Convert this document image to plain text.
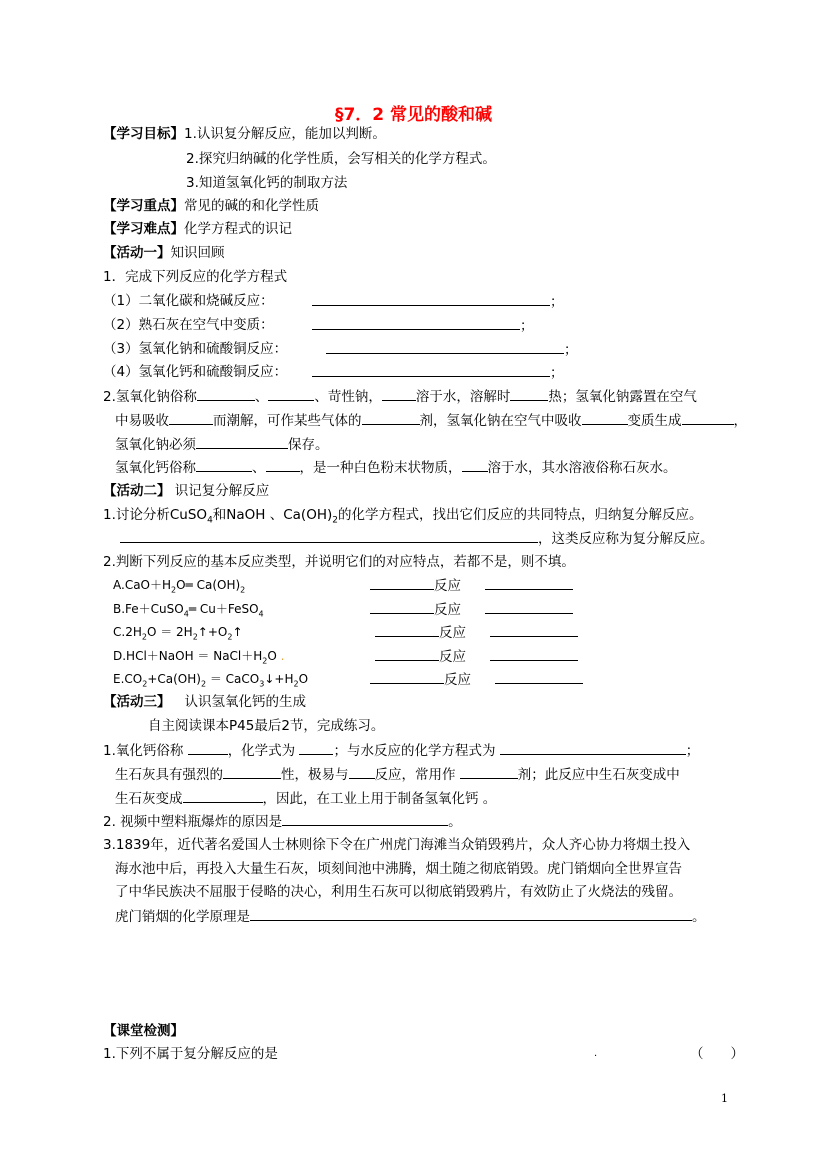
§7．2 常见的酸和碱
【学习目标】1.认识复分解反应，能加以判断。
2.探究归纳碱的化学性质，会写相关的化学方程式。
3.知道氢氧化钙的制取方法
【学习重点】常见的碱的和化学性质
【学习难点】化学方程式的识记
【活动一】知识回顾
1．完成下列反应的化学方程式
（1）二氧化碳和烧碱反应：	；
（2）熟石灰在空气中变质：	；
（3）氢氧化钠和硫酸铜反应：	；
（4）氢氧化钙和硫酸铜反应：	；
2.氢氧化钠俗称	、	、苛性钠，	溶于水，溶解时	热；氢氧化钠露置在空气
中易吸收	而潮解，可作某些气体的	剂，氢氧化钠在空气中吸收	变质生成	，
氢氧化钠必须	保存。
氢氧化钙俗称	、	，是一种白色粉末状物质， 溶于水，其水溶液俗称石灰水。
【活动二】 识记复分解反应
1.讨论分析CuSO$_4$和NaOH 、$Ca(OH)_2$的化学方程式，找出它们反应的共同特点，归纳复分解反应。
，这类反应称为复分解反应。
2.判断下列反应的基本反应类型，并说明它们的对应特点，若都不是，则不填。
$A.CaO+H_2O═$ $Ca(OH)_2$	反应
B.Fe＋CuSO$_4$═ Cu＋FeSO$_4$	反应
$C.2H_2O$ ＝ $2H_2↑+O_2↑$	反应
D.HCl＋NaOH ＝ $NaCl+H_2O$ .	反应
$E.CO_2+Ca(OH)_2$ ＝ $CaCO_3↓+H_2O$	反应
【活动三】 认识氢氧化钙的生成
自主阅读课本P45最后2节，完成练习。
1.氧化钙俗称	，化学式为	；与水反应的化学方程式为	；
生石灰具有强烈的	性，极易与 反应，常用作	剂；此反应中生石灰变成中
生石灰变成	，因此，在工业上用于制备氢氧化钙 。
2. 视频中塑料瓶爆炸的原因是	。
3.1839年，近代著名爱国人士林则徐下令在广州虎门海滩当众销毁鸦片，众人齐心协力将烟土投入
海水池中后，再投入大量生石灰，顷刻间池中沸腾，烟土随之彻底销毁。虎门销烟向全世界宣告
了中华民族决不屈服于侵略的决心，利用生石灰可以彻底销毁鸦片，有效防止了火烧法的残留。
虎门销烟的化学原理是	。
【课堂检测】
1.下列不属于复分解反应的是	.	（　　）
1
